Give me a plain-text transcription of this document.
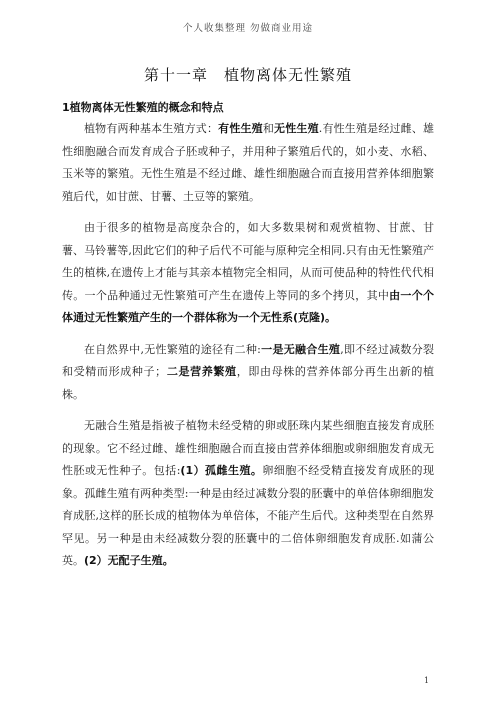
个人收集整理 勿做商业用途
第十一章　植物离体无性繁殖
1植物离体无性繁殖的概念和特点

植物有两种基本生殖方式：有性生殖和无性生殖.有性生殖是经过雌、雄性细胞融合而发育成合子胚或种子，并用种子繁殖后代的，如小麦、水稻、玉米等的繁殖。无性生殖是不经过雌、雄性细胞融合而直接用营养体细胞繁殖后代，如甘蔗、甘薯、土豆等的繁殖。

由于很多的植物是高度杂合的，如大多数果树和观赏植物、甘蔗、甘薯、马铃薯等,因此它们的种子后代不可能与原种完全相同.只有由无性繁殖产生的植株,在遗传上才能与其亲本植物完全相同，从而可使品种的特性代代相传。一个品种通过无性繁殖可产生在遗传上等同的多个拷贝，其中由一个个体通过无性繁殖产生的一个群体称为一个无性系(克隆)。

在自然界中,无性繁殖的途径有二种:一是无融合生殖,即不经过减数分裂和受精而形成种子；二是营养繁殖，即由母株的营养体部分再生出新的植株。

无融合生殖是指被子植物未经受精的卵或胚珠内某些细胞直接发育成胚的现象。它不经过雌、雄性细胞融合而直接由营养体细胞或卵细胞发育成无性胚或无性种子。包括:(1）孤雌生殖。卵细胞不经受精直接发育成胚的现象。孤雌生殖有两种类型:一种是由经过减数分裂的胚囊中的单倍体卵细胞发育成胚,这样的胚长成的植物体为单倍体，不能产生后代。这种类型在自然界罕见。另一种是由未经减数分裂的胚囊中的二倍体卵细胞发育成胚.如蒲公英。(2）无配子生殖。

1
